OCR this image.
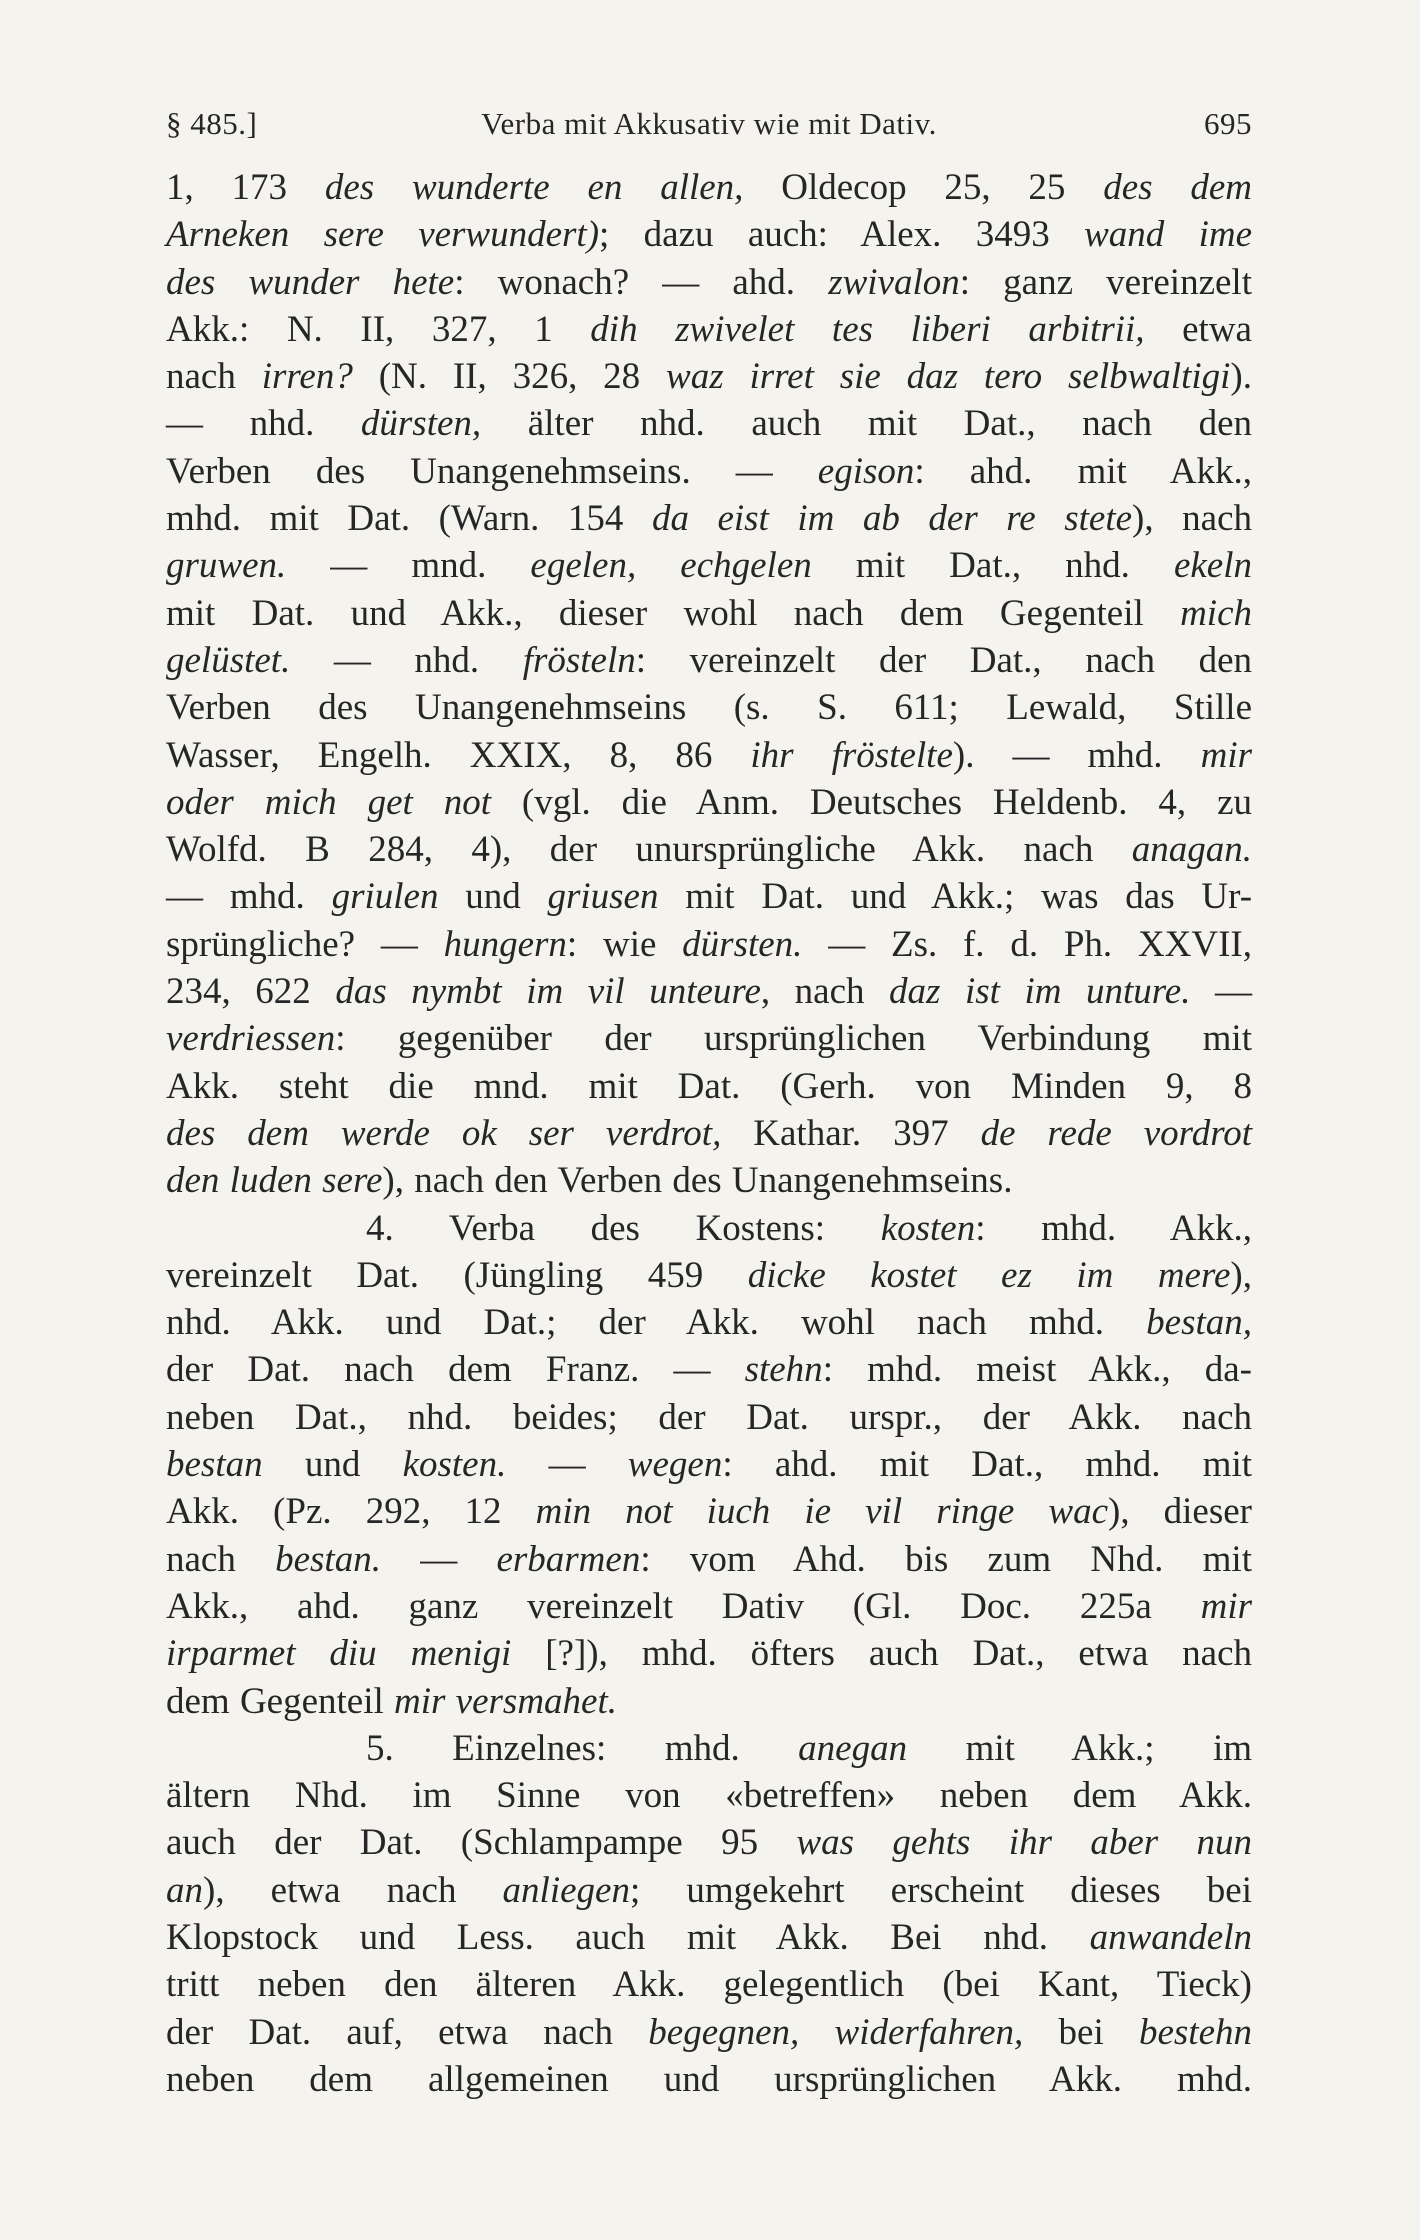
§ 485.]	Verba mit Akkusativ wie mit Dativ.	695
1, 173 des wunderte en allen, Oldecop 25, 25 des dem
Arneken sere verwundert); dazu auch: Alex. 3493 wand ime
des wunder hete: wonach? — ahd. zwivalon: ganz vereinzelt
Akk.: N. II, 327, 1 dih zwivelet tes liberi arbitrii, etwa
nach irren? (N. II, 326, 28 waz irret sie daz tero selbwaltigi).
— nhd. dürsten, älter nhd. auch mit Dat., nach den
Verben des Unangenehmseins. — egison: ahd. mit Akk.,
mhd. mit Dat. (Warn. 154 da eist im ab der re stete), nach
gruwen. — mnd. egelen, echgelen mit Dat., nhd. ekeln
mit Dat. und Akk., dieser wohl nach dem Gegenteil mich
gelüstet. — nhd. frösteln: vereinzelt der Dat., nach den
Verben des Unangenehmseins (s. S. 611; Lewald, Stille
Wasser, Engelh. XXIX, 8, 86 ihr fröstelte). — mhd. mir
oder mich get not (vgl. die Anm. Deutsches Heldenb. 4, zu
Wolfd. B 284, 4), der unursprüngliche Akk. nach anagan.
— mhd. griulen und griusen mit Dat. und Akk.; was das Ur-
sprüngliche? — hungern: wie dürsten. — Zs. f. d. Ph. XXVII,
234, 622 das nymbt im vil unteure, nach daz ist im unture. —
verdriessen: gegenüber der ursprünglichen Verbindung mit
Akk. steht die mnd. mit Dat. (Gerh. von Minden 9, 8
des dem werde ok ser verdrot, Kathar. 397 de rede vordrot
den luden sere), nach den Verben des Unangenehmseins.
4. Verba des Kostens: kosten: mhd. Akk.,
vereinzelt Dat. (Jüngling 459 dicke kostet ez im mere),
nhd. Akk. und Dat.; der Akk. wohl nach mhd. bestan,
der Dat. nach dem Franz. — stehn: mhd. meist Akk., da-
neben Dat., nhd. beides; der Dat. urspr., der Akk. nach
bestan und kosten. — wegen: ahd. mit Dat., mhd. mit
Akk. (Pz. 292, 12 min not iuch ie vil ringe wac), dieser
nach bestan. — erbarmen: vom Ahd. bis zum Nhd. mit
Akk., ahd. ganz vereinzelt Dativ (Gl. Doc. 225a mir
irparmet diu menigi [?]), mhd. öfters auch Dat., etwa nach
dem Gegenteil mir versmahet.
5. Einzelnes: mhd. anegan mit Akk.; im
ältern Nhd. im Sinne von «betreffen» neben dem Akk.
auch der Dat. (Schlampampe 95 was gehts ihr aber nun
an), etwa nach anliegen; umgekehrt erscheint dieses bei
Klopstock und Less. auch mit Akk. Bei nhd. anwandeln
tritt neben den älteren Akk. gelegentlich (bei Kant, Tieck)
der Dat. auf, etwa nach begegnen, widerfahren, bei bestehn
neben dem allgemeinen und ursprünglichen Akk. mhd.
